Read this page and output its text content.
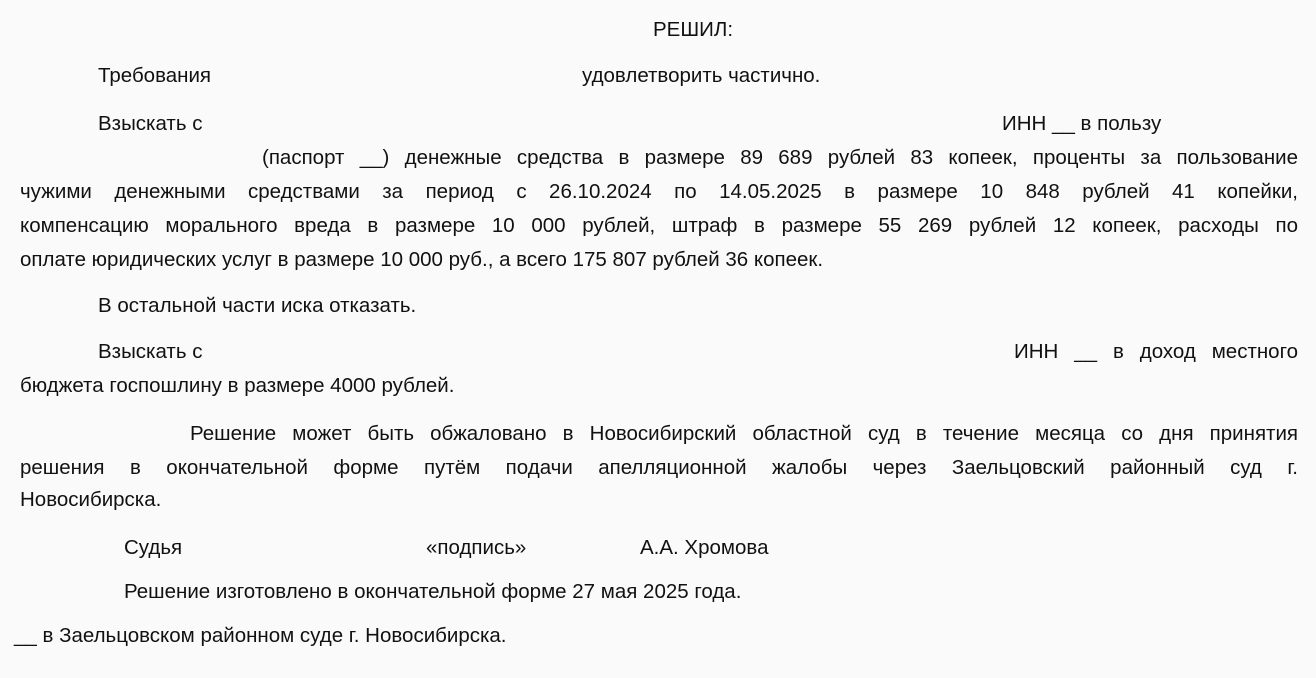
РЕШИЛ:
Требования	удовлетворить частично.
Взыскать с	ИНН __ в пользу
(паспорт __) денежные средства в размере 89 689 рублей 83 копеек, проценты за пользование
чужими денежными средствами за период с 26.10.2024 по 14.05.2025 в размере 10 848 рублей 41 копейки,
компенсацию морального вреда в размере 10 000 рублей, штраф в размере 55 269 рублей 12 копеек, расходы по
оплате юридических услуг в размере 10 000 руб., а всего 175 807 рублей 36 копеек.
В остальной части иска отказать.
Взыскать с	ИНН __ в доход местного
бюджета госпошлину в размере 4000 рублей.
Решение может быть обжаловано в Новосибирский областной суд в течение месяца со дня принятия
решения в окончательной форме путём подачи апелляционной жалобы через Заельцовский районный суд г.
Новосибирска.
Судья	«подпись»	А.А. Хромова
Решение изготовлено в окончательной форме 27 мая 2025 года.
__ в Заельцовском районном суде г. Новосибирска.
